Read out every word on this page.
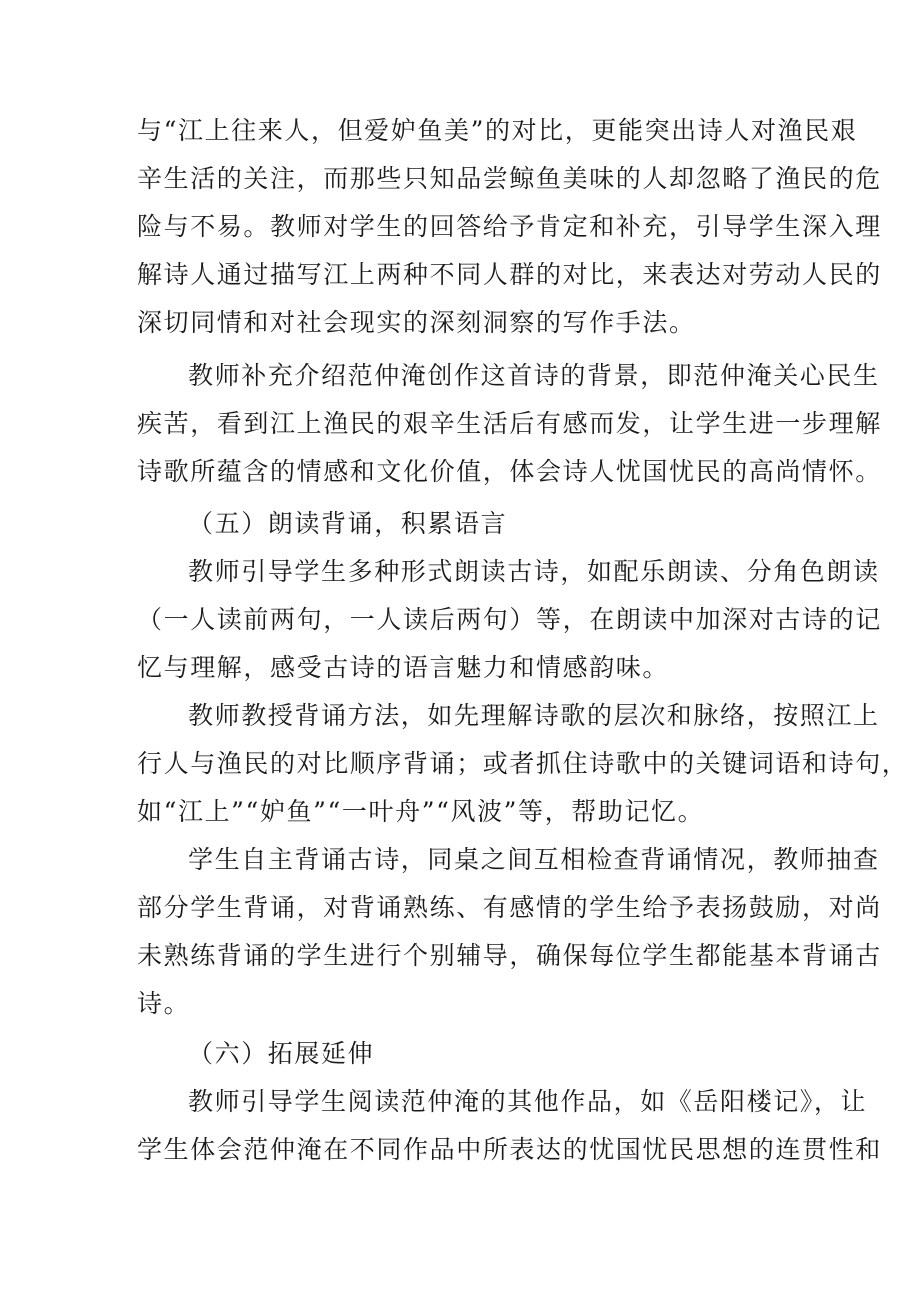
与“江上往来人，但爱妒鱼美”的对比，更能突出诗人对渔民艰
辛生活的关注，而那些只知品尝鲸鱼美味的人却忽略了渔民的危
险与不易。教师对学生的回答给予肯定和补充，引导学生深入理
解诗人通过描写江上两种不同人群的对比，来表达对劳动人民的
深切同情和对社会现实的深刻洞察的写作手法。
教师补充介绍范仲淹创作这首诗的背景，即范仲淹关心民生
疾苦，看到江上渔民的艰辛生活后有感而发，让学生进一步理解
诗歌所蕴含的情感和文化价值，体会诗人忧国忧民的高尚情怀。
（五）朗读背诵，积累语言
教师引导学生多种形式朗读古诗，如配乐朗读、分角色朗读
（一人读前两句，一人读后两句）等，在朗读中加深对古诗的记
忆与理解，感受古诗的语言魅力和情感韵味。
教师教授背诵方法，如先理解诗歌的层次和脉络，按照江上
行人与渔民的对比顺序背诵；或者抓住诗歌中的关键词语和诗句，
如“江上”“妒鱼”“一叶舟”“风波”等，帮助记忆。
学生自主背诵古诗，同桌之间互相检查背诵情况，教师抽查
部分学生背诵，对背诵熟练、有感情的学生给予表扬鼓励，对尚
未熟练背诵的学生进行个别辅导，确保每位学生都能基本背诵古
诗。
（六）拓展延伸
教师引导学生阅读范仲淹的其他作品，如《岳阳楼记》，让
学生体会范仲淹在不同作品中所表达的忧国忧民思想的连贯性和
